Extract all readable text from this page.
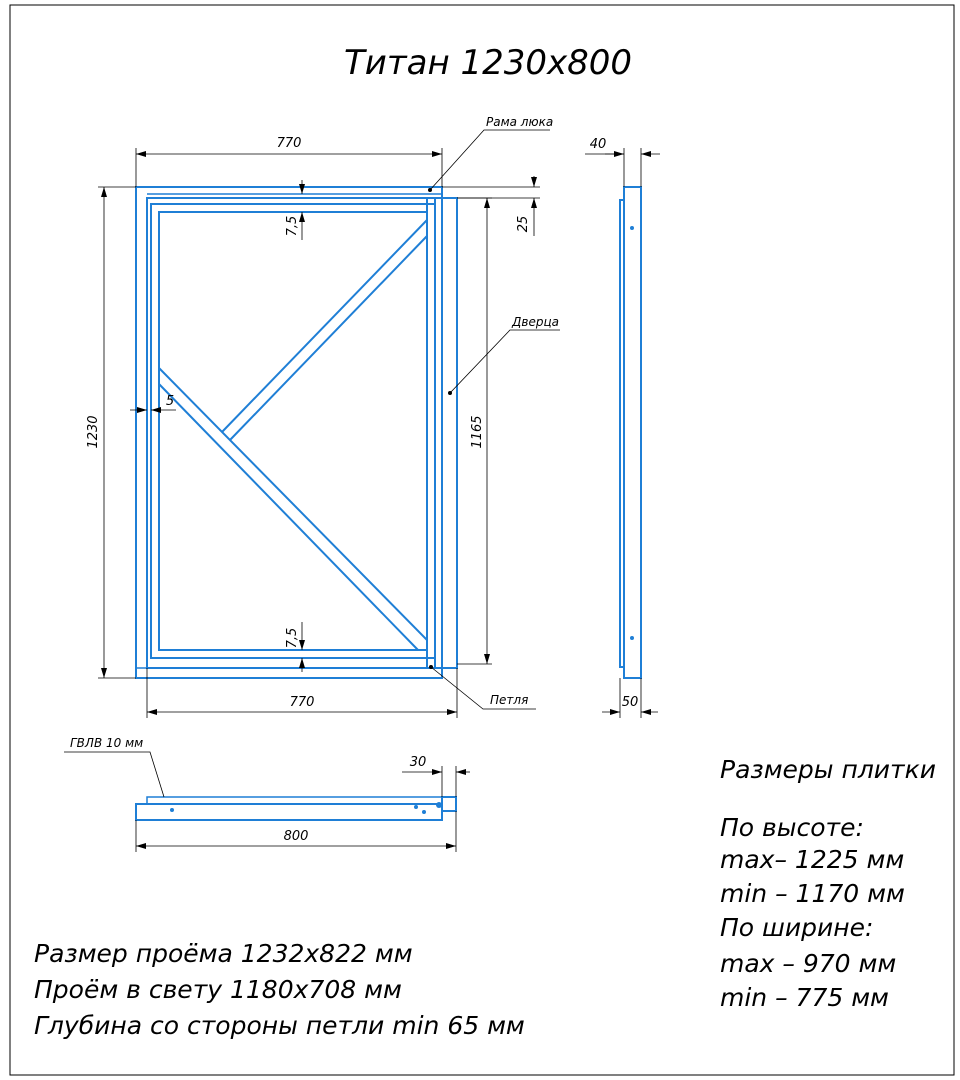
Титан 1230х800
770
770
1230	1165
7,5
7,5
5
25
Рама люка
Дверца
Петля
40
50
ГВЛВ 10 мм
30
800
Размеры плитки
По высоте:
max– 1225 мм
min – 1170 мм
По ширине:
max – 970 мм
min – 775 мм
Размер проёма 1232х822 мм
Проём в свету 1180х708 мм
Глубина со стороны петли min 65 мм
